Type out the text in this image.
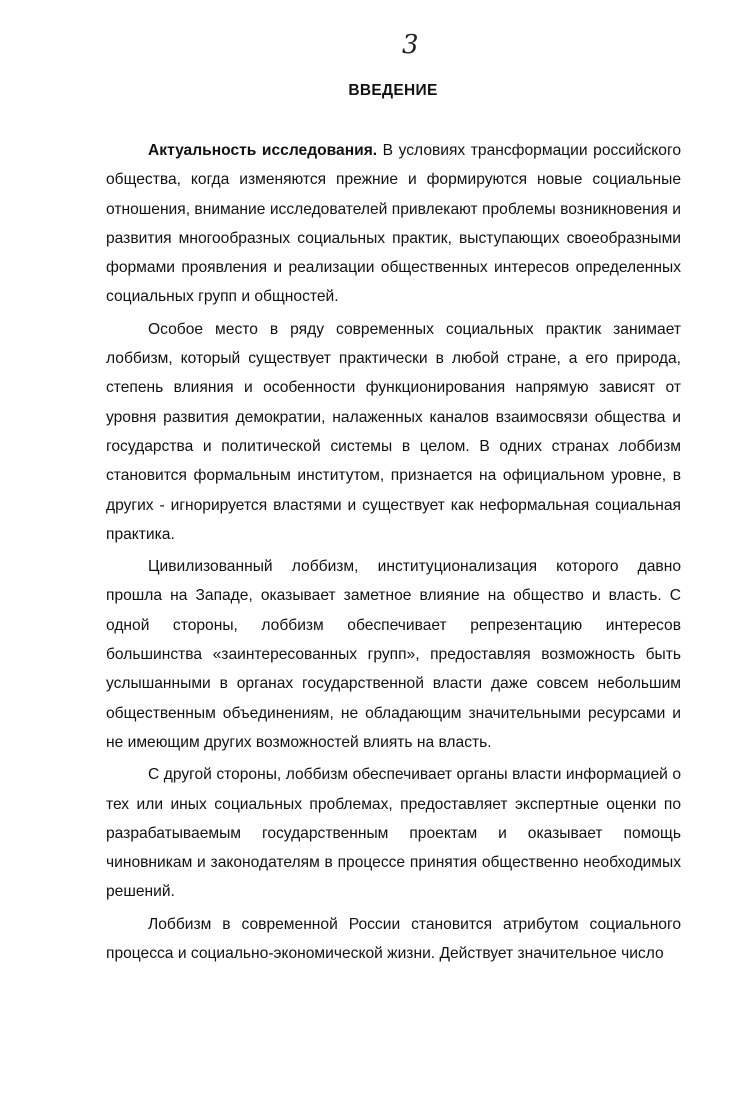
3
ВВЕДЕНИЕ

Актуальность исследования. В условиях трансформации российского общества, когда изменяются прежние и формируются новые социальные отношения, внимание исследователей привлекают проблемы возникновения и развития многообразных социальных практик, выступающих своеобразными формами проявления и реализации общественных интересов определенных социальных групп и общностей.

Особое место в ряду современных социальных практик занимает лоббизм, который существует практически в любой стране, а его природа, степень влияния и особенности функционирования напрямую зависят от уровня развития демократии, налаженных каналов взаимосвязи общества и государства и политической системы в целом. В одних странах лоббизм становится формальным институтом, признается на официальном уровне, в других - игнорируется властями и существует как неформальная социальная практика.

Цивилизованный лоббизм, институционализация которого давно прошла на Западе, оказывает заметное влияние на общество и власть. С одной стороны, лоббизм обеспечивает репрезентацию интересов большинства «заинтересованных групп», предоставляя возможность быть услышанными в органах государственной власти даже совсем небольшим общественным объединениям, не обладающим значительными ресурсами и не имеющим других возможностей влиять на власть.

С другой стороны, лоббизм обеспечивает органы власти информацией о тех или иных социальных проблемах, предоставляет экспертные оценки по разрабатываемым государственным проектам и оказывает помощь чиновникам и законодателям в процессе принятия общественно необходимых решений.

Лоббизм в современной России становится атрибутом социального процесса и социально-экономической жизни. Действует значительное число
